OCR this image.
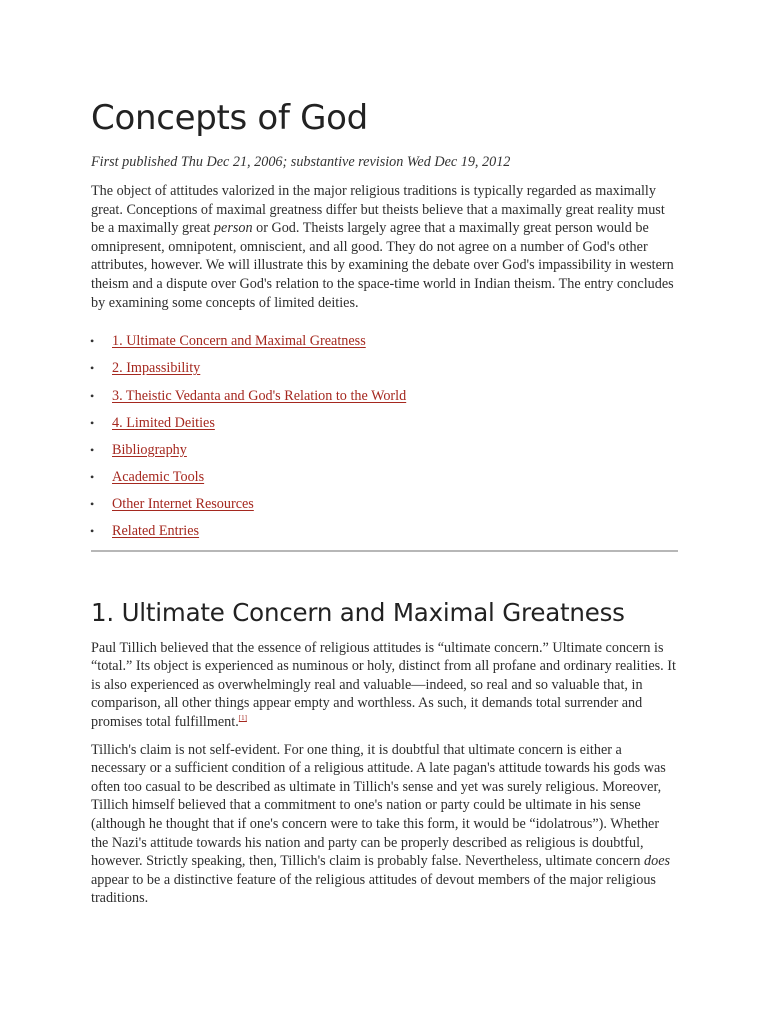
Concepts of God

First published Thu Dec 21, 2006; substantive revision Wed Dec 19, 2012

The object of attitudes valorized in the major religious traditions is typically regarded as maximally great. Conceptions of maximal greatness differ but theists believe that a maximally great reality must be a maximally great person or God. Theists largely agree that a maximally great person would be omnipresent, omnipotent, omniscient, and all good. They do not agree on a number of God's other attributes, however. We will illustrate this by examining the debate over God's impassibility in western theism and a dispute over God's relation to the space-time world in Indian theism. The entry concludes by examining some concepts of limited deities.

• 1. Ultimate Concern and Maximal Greatness
• 2. Impassibility
• 3. Theistic Vedanta and God's Relation to the World
• 4. Limited Deities
• Bibliography
• Academic Tools
• Other Internet Resources
• Related Entries
1. Ultimate Concern and Maximal Greatness

Paul Tillich believed that the essence of religious attitudes is “ultimate concern.” Ultimate concern is “total.” Its object is experienced as numinous or holy, distinct from all profane and ordinary realities. It is also experienced as overwhelmingly real and valuable—indeed, so real and so valuable that, in comparison, all other things appear empty and worthless. As such, it demands total surrender and promises total fulfillment.[1]

Tillich's claim is not self-evident. For one thing, it is doubtful that ultimate concern is either a necessary or a sufficient condition of a religious attitude. A late pagan's attitude towards his gods was often too casual to be described as ultimate in Tillich's sense and yet was surely religious. Moreover, Tillich himself believed that a commitment to one's nation or party could be ultimate in his sense (although he thought that if one's concern were to take this form, it would be “idolatrous”). Whether the Nazi's attitude towards his nation and party can be properly described as religious is doubtful, however. Strictly speaking, then, Tillich's claim is probably false. Nevertheless, ultimate concern does appear to be a distinctive feature of the religious attitudes of devout members of the major religious traditions.
